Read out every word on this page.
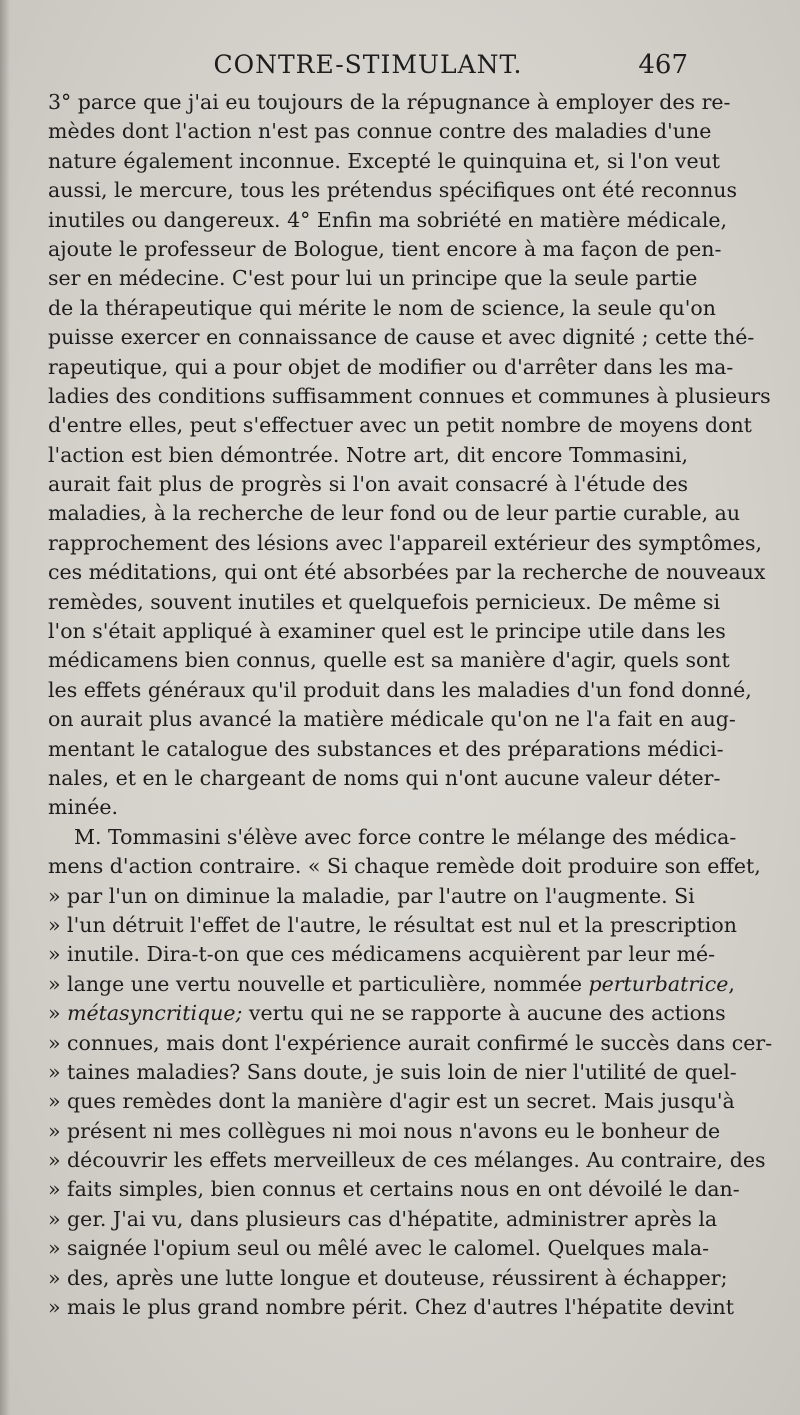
CONTRE-STIMULANT.	467
3° parce que j'ai eu toujours de la répugnance à employer des re-
mèdes dont l'action n'est pas connue contre des maladies d'une
nature également inconnue. Excepté le quinquina et, si l'on veut
aussi, le mercure, tous les prétendus spécifiques ont été reconnus
inutiles ou dangereux. 4° Enfin ma sobriété en matière médicale,
ajoute le professeur de Bologue, tient encore à ma façon de pen-
ser en médecine. C'est pour lui un principe que la seule partie
de la thérapeutique qui mérite le nom de science, la seule qu'on
puisse exercer en connaissance de cause et avec dignité ; cette thé-
rapeutique, qui a pour objet de modifier ou d'arrêter dans les ma-
ladies des conditions suffisamment connues et communes à plusieurs
d'entre elles, peut s'effectuer avec un petit nombre de moyens dont
l'action est bien démontrée. Notre art, dit encore Tommasini,
aurait fait plus de progrès si l'on avait consacré à l'étude des
maladies, à la recherche de leur fond ou de leur partie curable, au
rapprochement des lésions avec l'appareil extérieur des symptômes,
ces méditations, qui ont été absorbées par la recherche de nouveaux
remèdes, souvent inutiles et quelquefois pernicieux. De même si
l'on s'était appliqué à examiner quel est le principe utile dans les
médicamens bien connus, quelle est sa manière d'agir, quels sont
les effets généraux qu'il produit dans les maladies d'un fond donné,
on aurait plus avancé la matière médicale qu'on ne l'a fait en aug-
mentant le catalogue des substances et des préparations médici-
nales, et en le chargeant de noms qui n'ont aucune valeur déter-
minée.
M. Tommasini s'élève avec force contre le mélange des médica-
mens d'action contraire. « Si chaque remède doit produire son effet,
» par l'un on diminue la maladie, par l'autre on l'augmente. Si
» l'un détruit l'effet de l'autre, le résultat est nul et la prescription
» inutile. Dira-t-on que ces médicamens acquièrent par leur mé-
» lange une vertu nouvelle et particulière, nommée perturbatrice,
» métasyncritique; vertu qui ne se rapporte à aucune des actions
» connues, mais dont l'expérience aurait confirmé le succès dans cer-
» taines maladies? Sans doute, je suis loin de nier l'utilité de quel-
» ques remèdes dont la manière d'agir est un secret. Mais jusqu'à
» présent ni mes collègues ni moi nous n'avons eu le bonheur de
» découvrir les effets merveilleux de ces mélanges. Au contraire, des
» faits simples, bien connus et certains nous en ont dévoilé le dan-
» ger. J'ai vu, dans plusieurs cas d'hépatite, administrer après la
» saignée l'opium seul ou mêlé avec le calomel. Quelques mala-
» des, après une lutte longue et douteuse, réussirent à échapper;
» mais le plus grand nombre périt. Chez d'autres l'hépatite devint
